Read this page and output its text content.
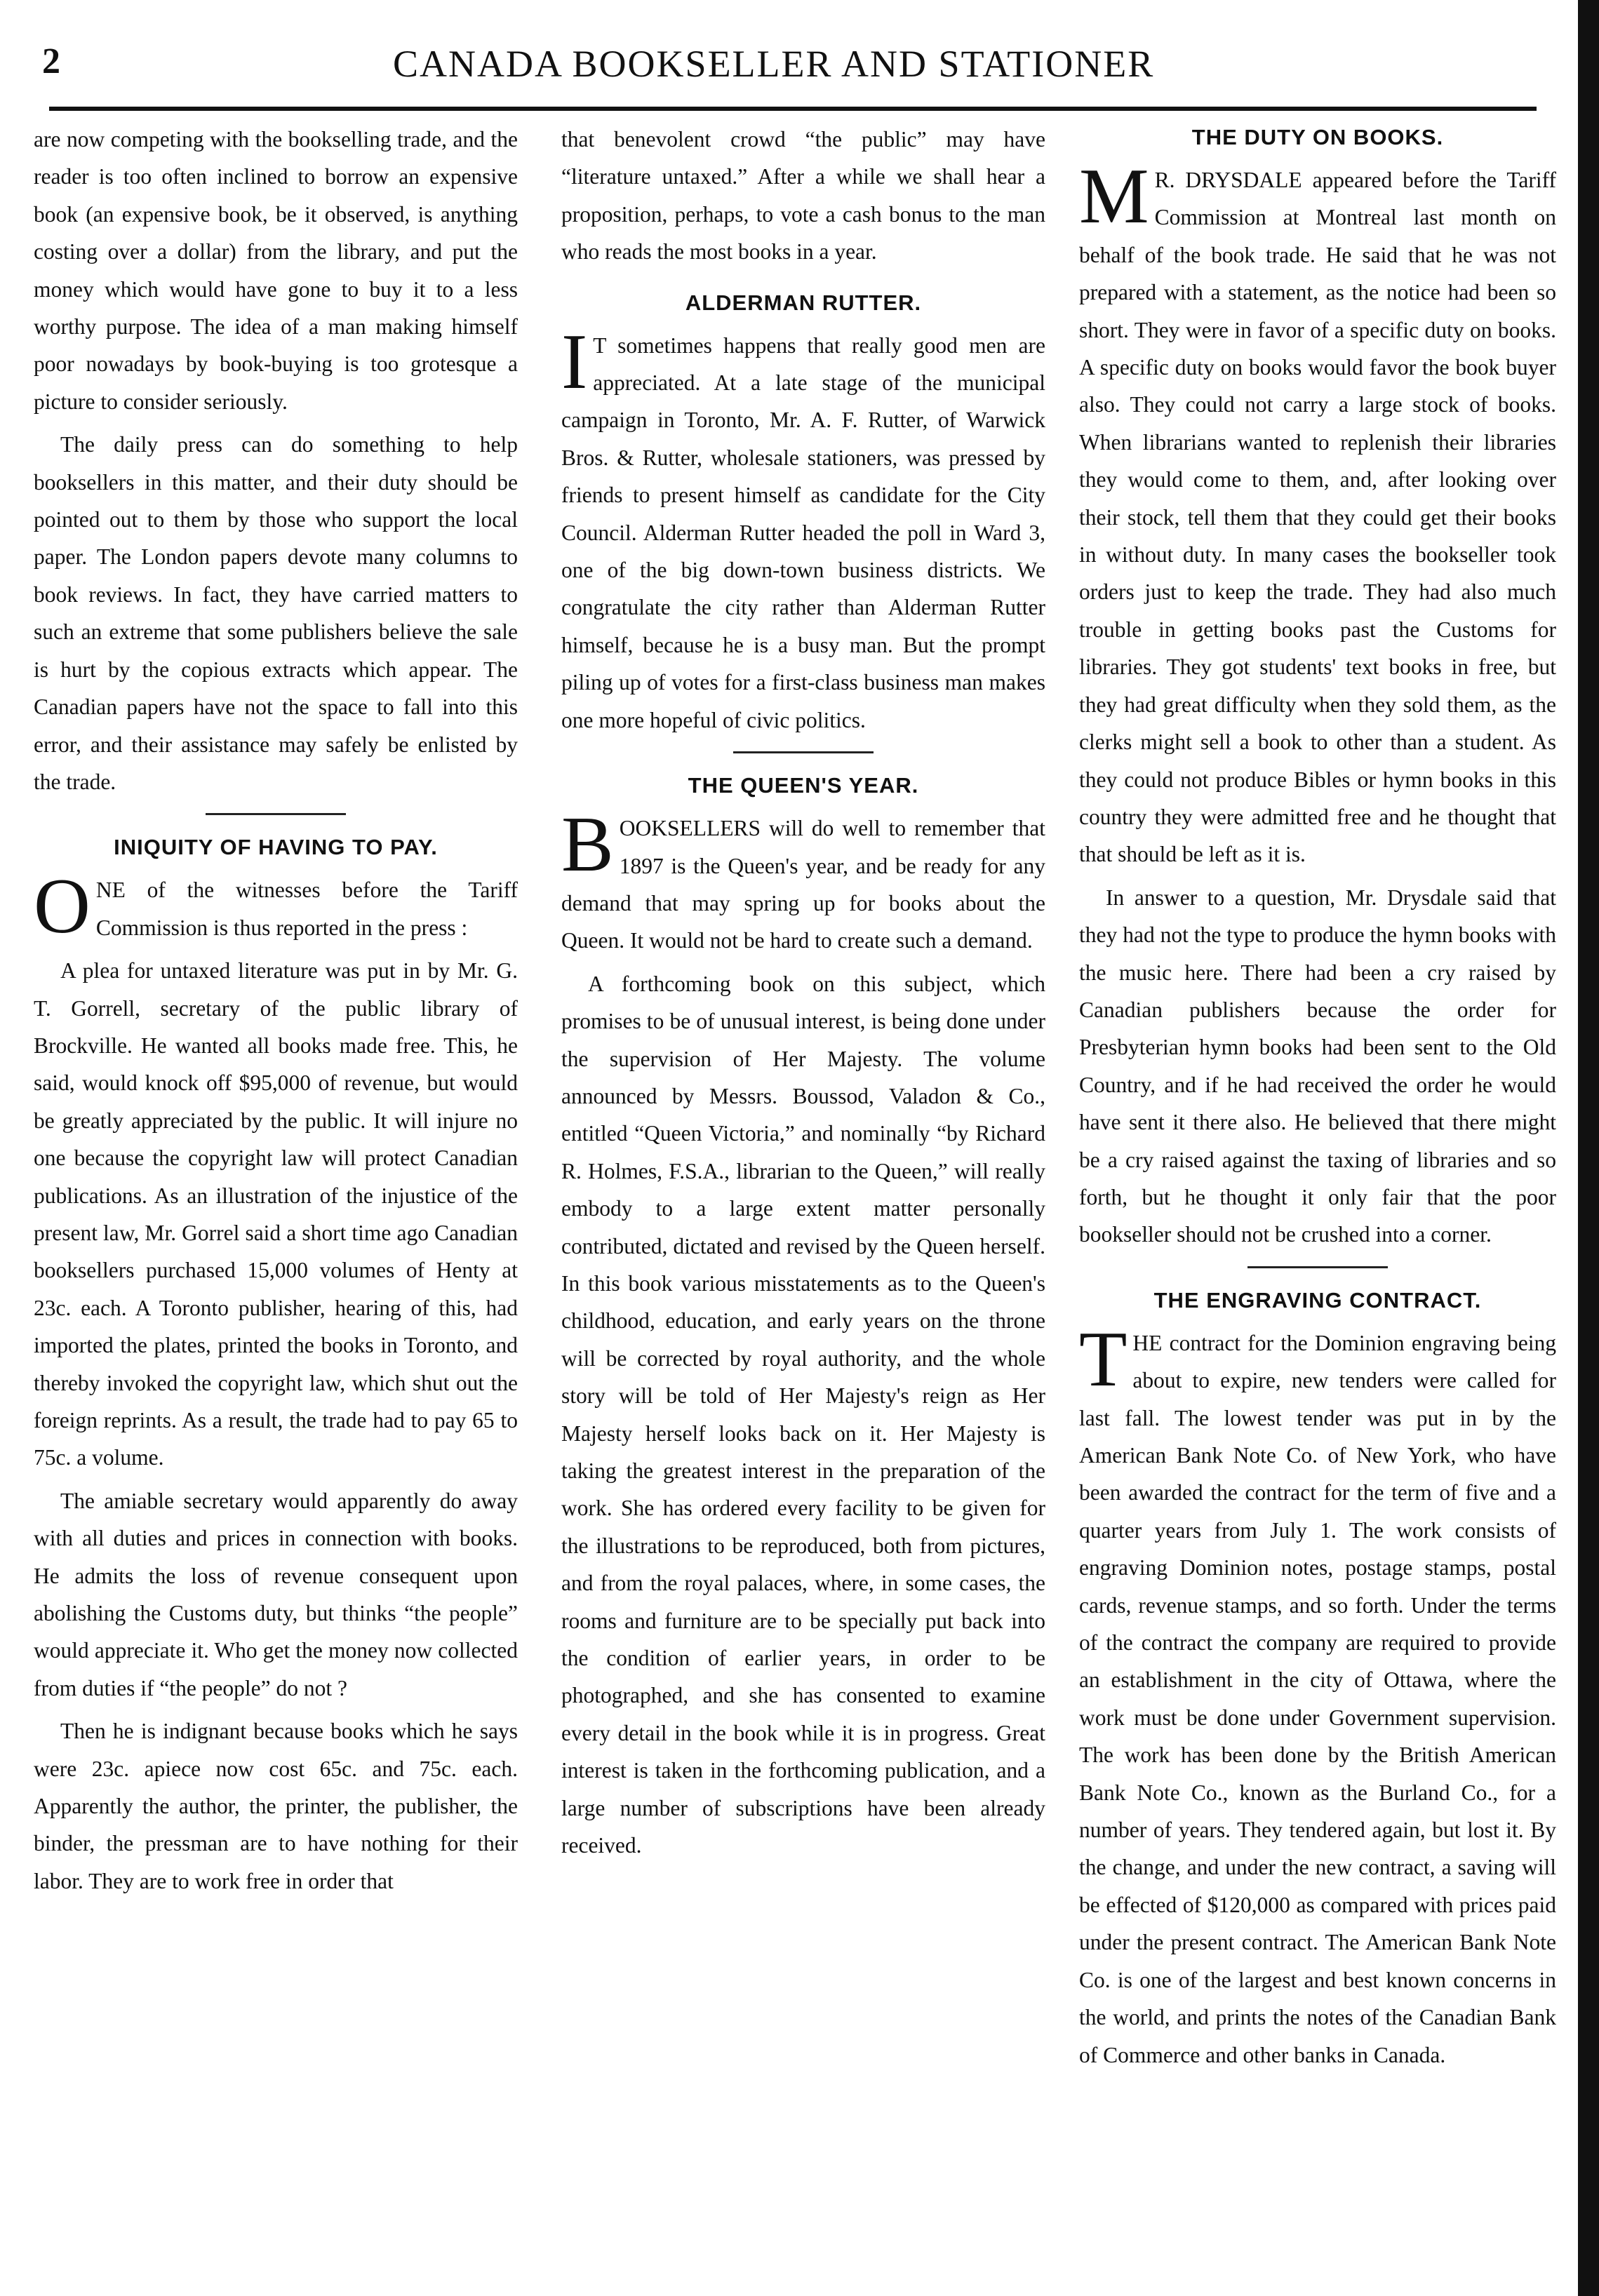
2	CANADA BOOKSELLER AND STATIONER

are now competing with the bookselling trade, and the reader is too often inclined to borrow an expensive book (an expensive book, be it observed, is anything costing over a dollar) from the library, and put the money which would have gone to buy it to a less worthy purpose. The idea of a man making himself poor nowadays by book-buying is too grotesque a picture to consider seriously.

The daily press can do something to help booksellers in this matter, and their duty should be pointed out to them by those who support the local paper. The London papers devote many columns to book reviews. In fact, they have carried matters to such an extreme that some publishers believe the sale is hurt by the copious extracts which appear. The Canadian papers have not the space to fall into this error, and their assistance may safely be enlisted by the trade.

INIQUITY OF HAVING TO PAY.

ONE of the witnesses before the Tariff Commission is thus reported in the press :

A plea for untaxed literature was put in by Mr. G. T. Gorrell, secretary of the public library of Brockville. He wanted all books made free. This, he said, would knock off $95,000 of revenue, but would be greatly appreciated by the public. It will injure no one because the copyright law will protect Canadian publications. As an illustration of the injustice of the present law, Mr. Gorrel said a short time ago Canadian booksellers purchased 15,000 volumes of Henty at 23c. each. A Toronto publisher, hearing of this, had imported the plates, printed the books in Toronto, and thereby invoked the copyright law, which shut out the foreign reprints. As a result, the trade had to pay 65 to 75c. a volume.

The amiable secretary would apparently do away with all duties and prices in connection with books. He admits the loss of revenue consequent upon abolishing the Customs duty, but thinks “the people” would appreciate it. Who get the money now collected from duties if “the people” do not ?

Then he is indignant because books which he says were 23c. apiece now cost 65c. and 75c. each. Apparently the author, the printer, the publisher, the binder, the pressman are to have nothing for their labor. They are to work free in order that

that benevolent crowd “the public” may have “literature untaxed.” After a while we shall hear a proposition, perhaps, to vote a cash bonus to the man who reads the most books in a year.

ALDERMAN RUTTER.

I T sometimes happens that really good men are appreciated. At a late stage of the municipal campaign in Toronto, Mr. A. F. Rutter, of Warwick Bros. & Rutter, wholesale stationers, was pressed by friends to present himself as candidate for the City Council. Alderman Rutter headed the poll in Ward 3, one of the big down-town business districts. We congratulate the city rather than Alderman Rutter himself, because he is a busy man. But the prompt piling up of votes for a first-class business man makes one more hopeful of civic politics.

THE QUEEN'S YEAR.

BOOKSELLERS will do well to remember that 1897 is the Queen's year, and be ready for any demand that may spring up for books about the Queen. It would not be hard to create such a demand.

A forthcoming book on this subject, which promises to be of unusual interest, is being done under the supervision of Her Majesty. The volume announced by Messrs. Boussod, Valadon & Co., entitled “Queen Victoria,” and nominally “by Richard R. Holmes, F.S.A., librarian to the Queen,” will really embody to a large extent matter personally contributed, dictated and revised by the Queen herself. In this book various misstatements as to the Queen's childhood, education, and early years on the throne will be corrected by royal authority, and the whole story will be told of Her Majesty's reign as Her Majesty herself looks back on it. Her Majesty is taking the greatest interest in the preparation of the work. She has ordered every facility to be given for the illustrations to be reproduced, both from pictures, and from the royal palaces, where, in some cases, the rooms and furniture are to be specially put back into the condition of earlier years, in order to be photographed, and she has consented to examine every detail in the book while it is in progress. Great interest is taken in the forthcoming publication, and a large number of subscriptions have been already received.

THE DUTY ON BOOKS.

M R. DRYSDALE appeared before the Tariff Commission at Montreal last month on behalf of the book trade. He said that he was not prepared with a statement, as the notice had been so short. They were in favor of a specific duty on books. A specific duty on books would favor the book buyer also. They could not carry a large stock of books. When librarians wanted to replenish their libraries they would come to them, and, after looking over their stock, tell them that they could get their books in without duty. In many cases the bookseller took orders just to keep the trade. They had also much trouble in getting books past the Customs for libraries. They got students' text books in free, but they had great difficulty when they sold them, as the clerks might sell a book to other than a student. As they could not produce Bibles or hymn books in this country they were admitted free and he thought that that should be left as it is.

In answer to a question, Mr. Drysdale said that they had not the type to produce the hymn books with the music here. There had been a cry raised by Canadian publishers because the order for Presbyterian hymn books had been sent to the Old Country, and if he had received the order he would have sent it there also. He believed that there might be a cry raised against the taxing of libraries and so forth, but he thought it only fair that the poor bookseller should not be crushed into a corner.

THE ENGRAVING CONTRACT.

THE contract for the Dominion engraving being about to expire, new tenders were called for last fall. The lowest tender was put in by the American Bank Note Co. of New York, who have been awarded the contract for the term of five and a quarter years from July 1. The work consists of engraving Dominion notes, postage stamps, postal cards, revenue stamps, and so forth. Under the terms of the contract the company are required to provide an establishment in the city of Ottawa, where the work must be done under Government supervision. The work has been done by the British American Bank Note Co., known as the Burland Co., for a number of years. They tendered again, but lost it. By the change, and under the new contract, a saving will be effected of $120,000 as compared with prices paid under the present contract. The American Bank Note Co. is one of the largest and best known concerns in the world, and prints the notes of the Canadian Bank of Commerce and other banks in Canada.
